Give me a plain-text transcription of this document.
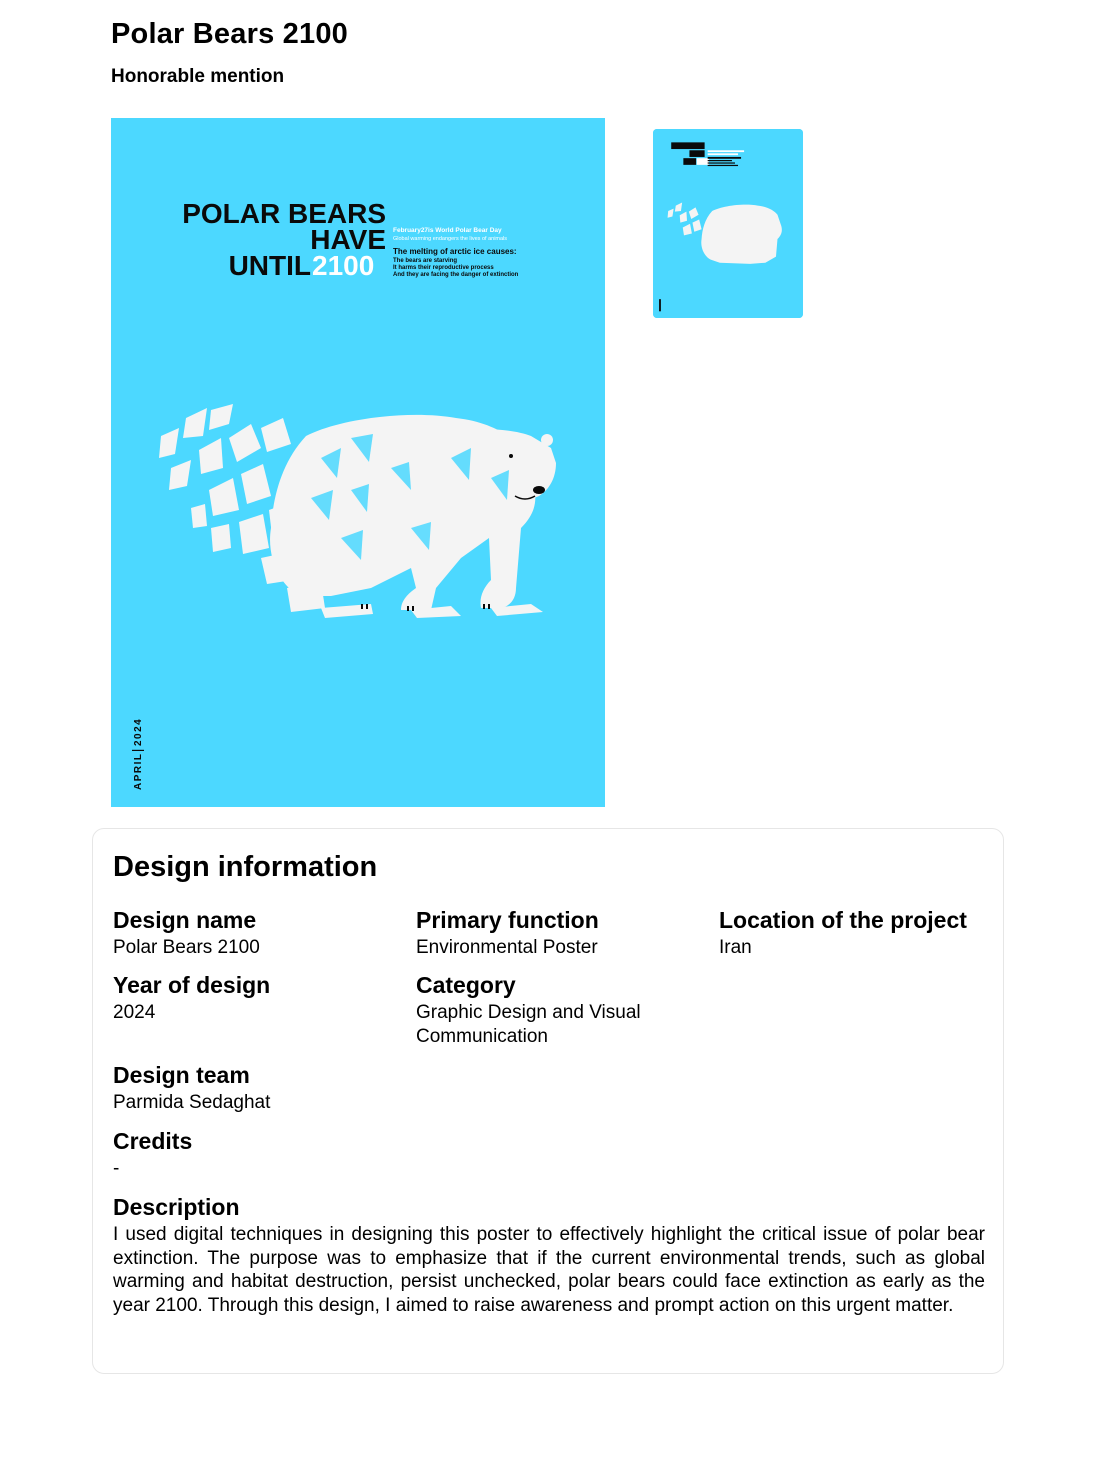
Polar Bears 2100
Honorable mention
POLAR BEARS
HAVE
UNTIL 2100
February27is World Polar Bear Day
Global warming endangers the lives of animals
The melting of arctic ice causes:
The bears are starving
It harms their reproductive process
And they are facing the danger of extinction
APRIL
2024
Design information
Design name
Polar Bears 2100
Primary function
Environmental Poster
Location of the project
Iran
Year of design
2024
Category
Graphic Design and Visual Communication
Design team
Parmida Sedaghat
Credits
-
Description
I used digital techniques in designing this poster to effectively highlight the critical issue of polar bear extinction. The purpose was to emphasize that if the current environmental trends, such as global warming and habitat destruction, persist unchecked, polar bears could face extinction as early as the year 2100. Through this design, I aimed to raise awareness and prompt action on this urgent matter.
